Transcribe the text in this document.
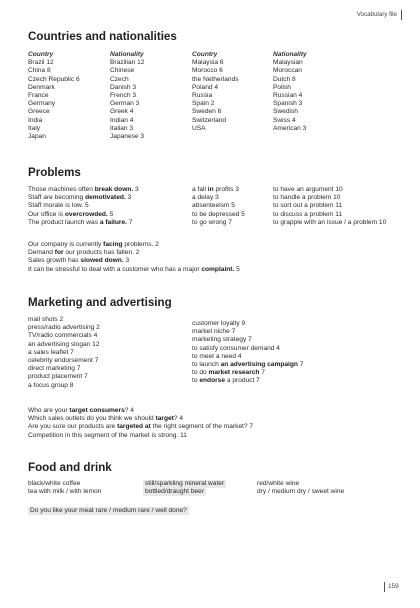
Vocabulary file
Countries and nationalities
Country
Brazil 12
China 8
Czech Republic 6
Denmark
France
Germany
Greece
India
Italy
Japan
Nationality
Brazilian 12
Chinese
Czech
Danish 3
French 3
German 3
Greek 4
Indian 4
Italian 3
Japanese 3
Country
Malaysia 6
Morocco 6
the Netherlands
Poland 4
Russia
Spain 2
Sweden 6
Switzerland
USA
Nationality
Malaysian
Moroccan
Dutch 8
Polish
Russian 4
Spanish 3
Swedish
Swiss 4
American 3
Problems
Those machines often break down. 3
Staff are becoming demotivated. 3
Staff morale is low. 5
Our office is overcrowded. 5
The product launch was a failure. 7
a fall in profits 3
a delay 3
absenteeism 5
to be depressed 5
to go wrong 7
to have an argument 10
to handle a problem 10
to sort out a problem 11
to discuss a problem 11
to grapple with an issue / a problem 10
Our company is currently facing problems. 2
Demand for our products has fallen. 2
Sales growth has slowed down. 3
It can be stressful to deal with a customer who has a major complaint. 5
Marketing and advertising
mail shots 2
press/radio advertising 2
TV/radio commercials 4
an advertising slogan 12
a sales leaflet 7
celebrity endorsement 7
direct marketing 7
product placement 7
a focus group 8
customer loyalty 9
market niche 7
marketing strategy 7
to satisfy consumer demand 4
to meet a need 4
to launch an advertising campaign 7
to do market research 7
to endorse a product 7
Who are your target consumers? 4
Which sales outlets do you think we should target? 4
Are you sure our products are targeted at the right segment of the market? 7
Competition in this segment of the market is strong. 11
Food and drink
black/white coffee
tea with milk / with lemon
still/sparkling mineral water
bottled/draught beer
red/white wine
dry / medium dry / sweet wine
Do you like your meat rare / medium rare / well done?
159
